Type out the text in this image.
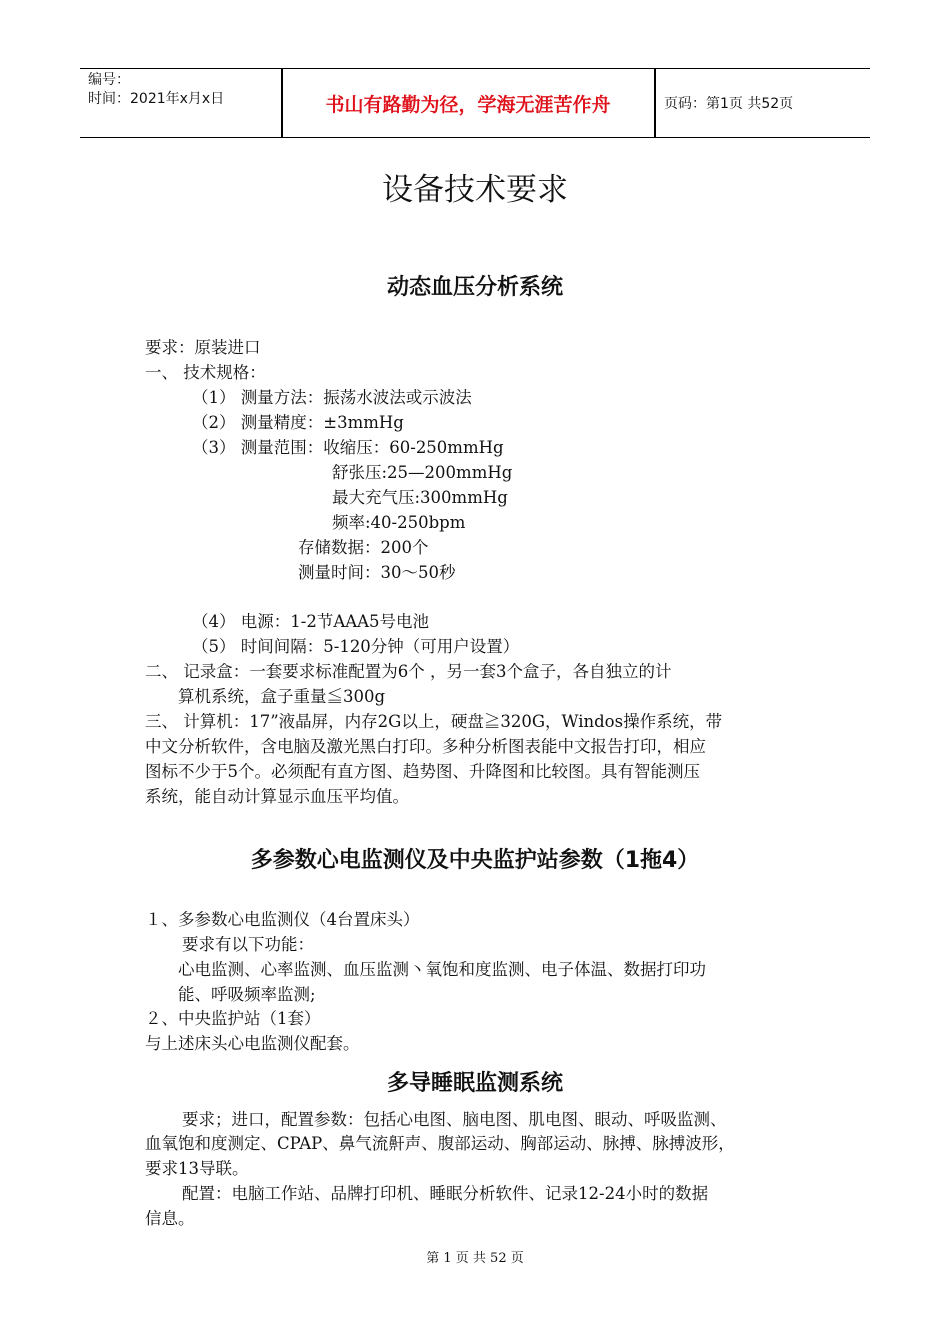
编号：
时间：2021年x月x日	书山有路勤为径，学海无涯苦作舟	页码：第1页 共52页
设备技术要求
动态血压分析系统
要求：原装进口
一、 技术规格：
（1） 测量方法：振荡水波法或示波法
（2） 测量精度：±3mmHg
（3） 测量范围：收缩压：60-250mmHg
舒张压:25—200mmHg
最大充气压:300mmHg
频率:40-250bpm
存储数据：200个
测量时间：30～50秒
（4） 电源：1-2节AAA5号电池
（5） 时间间隔：5-120分钟（可用户设置）
二、 记录盒：一套要求标准配置为6个 ，另一套3个盒子，各自独立的计
算机系统，盒子重量≦300g
三、 计算机：17”液晶屏，内存2G以上，硬盘≧320G，Windos操作系统，带
中文分析软件，含电脑及激光黑白打印。多种分析图表能中文报告打印，相应
图标不少于5个。必须配有直方图、趋势图、升降图和比较图。具有智能测压
系统，能自动计算显示血压平均值。
多参数心电监测仪及中央监护站参数（1拖4）
１、多参数心电监测仪（4台置床头）
要求有以下功能：
心电监测、心率监测、血压监测丶氧饱和度监测、电子体温、数据打印功
能、呼吸频率监测;
２、中央监护站（1套）
与上述床头心电监测仪配套。
多导睡眠监测系统
要求；进口，配置参数：包括心电图、脑电图、肌电图、眼动、呼吸监测、
血氧饱和度测定、CPAP、鼻气流鼾声、腹部运动、胸部运动、脉搏、脉搏波形，
要求13导联。
配置：电脑工作站、品牌打印机、睡眠分析软件、记录12-24小时的数据
信息。
第 1 页 共 52 页
